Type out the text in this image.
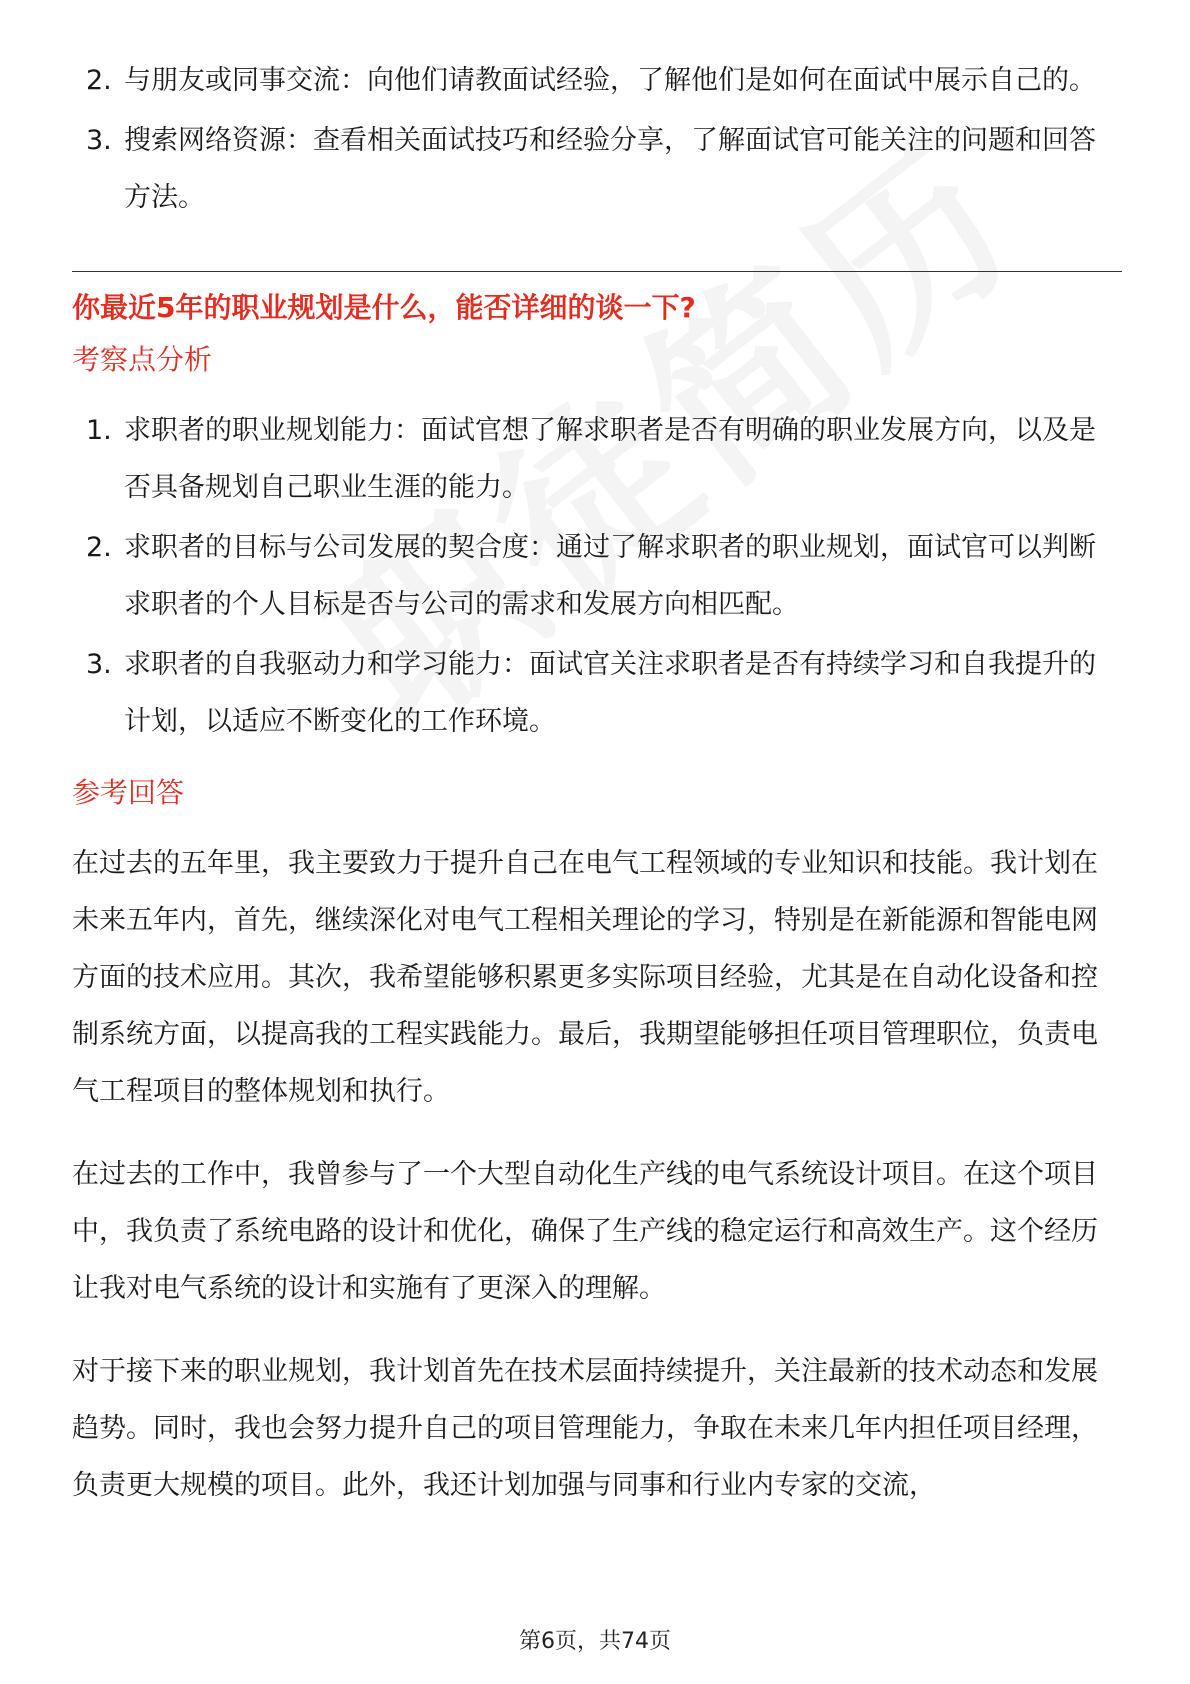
2. 与朋友或同事交流：向他们请教面试经验，了解他们是如何在面试中展示自己的。
3. 搜索网络资源：查看相关面试技巧和经验分享，了解面试官可能关注的问题和回答方法。
你最近5年的职业规划是什么，能否详细的谈一下?
考察点分析
1. 求职者的职业规划能力：面试官想了解求职者是否有明确的职业发展方向，以及是否具备规划自己职业生涯的能力。
2. 求职者的目标与公司发展的契合度：通过了解求职者的职业规划，面试官可以判断求职者的个人目标是否与公司的需求和发展方向相匹配。
3. 求职者的自我驱动力和学习能力：面试官关注求职者是否有持续学习和自我提升的计划，以适应不断变化的工作环境。
参考回答

在过去的五年里，我主要致力于提升自己在电气工程领域的专业知识和技能。我计划在未来五年内，首先，继续深化对电气工程相关理论的学习，特别是在新能源和智能电网方面的技术应用。其次，我希望能够积累更多实际项目经验，尤其是在自动化设备和控制系统方面，以提高我的工程实践能力。最后，我期望能够担任项目管理职位，负责电气工程项目的整体规划和执行。

在过去的工作中，我曾参与了一个大型自动化生产线的电气系统设计项目。在这个项目中，我负责了系统电路的设计和优化，确保了生产线的稳定运行和高效生产。这个经历让我对电气系统的设计和实施有了更深入的理解。

对于接下来的职业规划，我计划首先在技术层面持续提升，关注最新的技术动态和发展趋势。同时，我也会努力提升自己的项目管理能力，争取在未来几年内担任项目经理，负责更大规模的项目。此外，我还计划加强与同事和行业内专家的交流，

第6页，共74页
